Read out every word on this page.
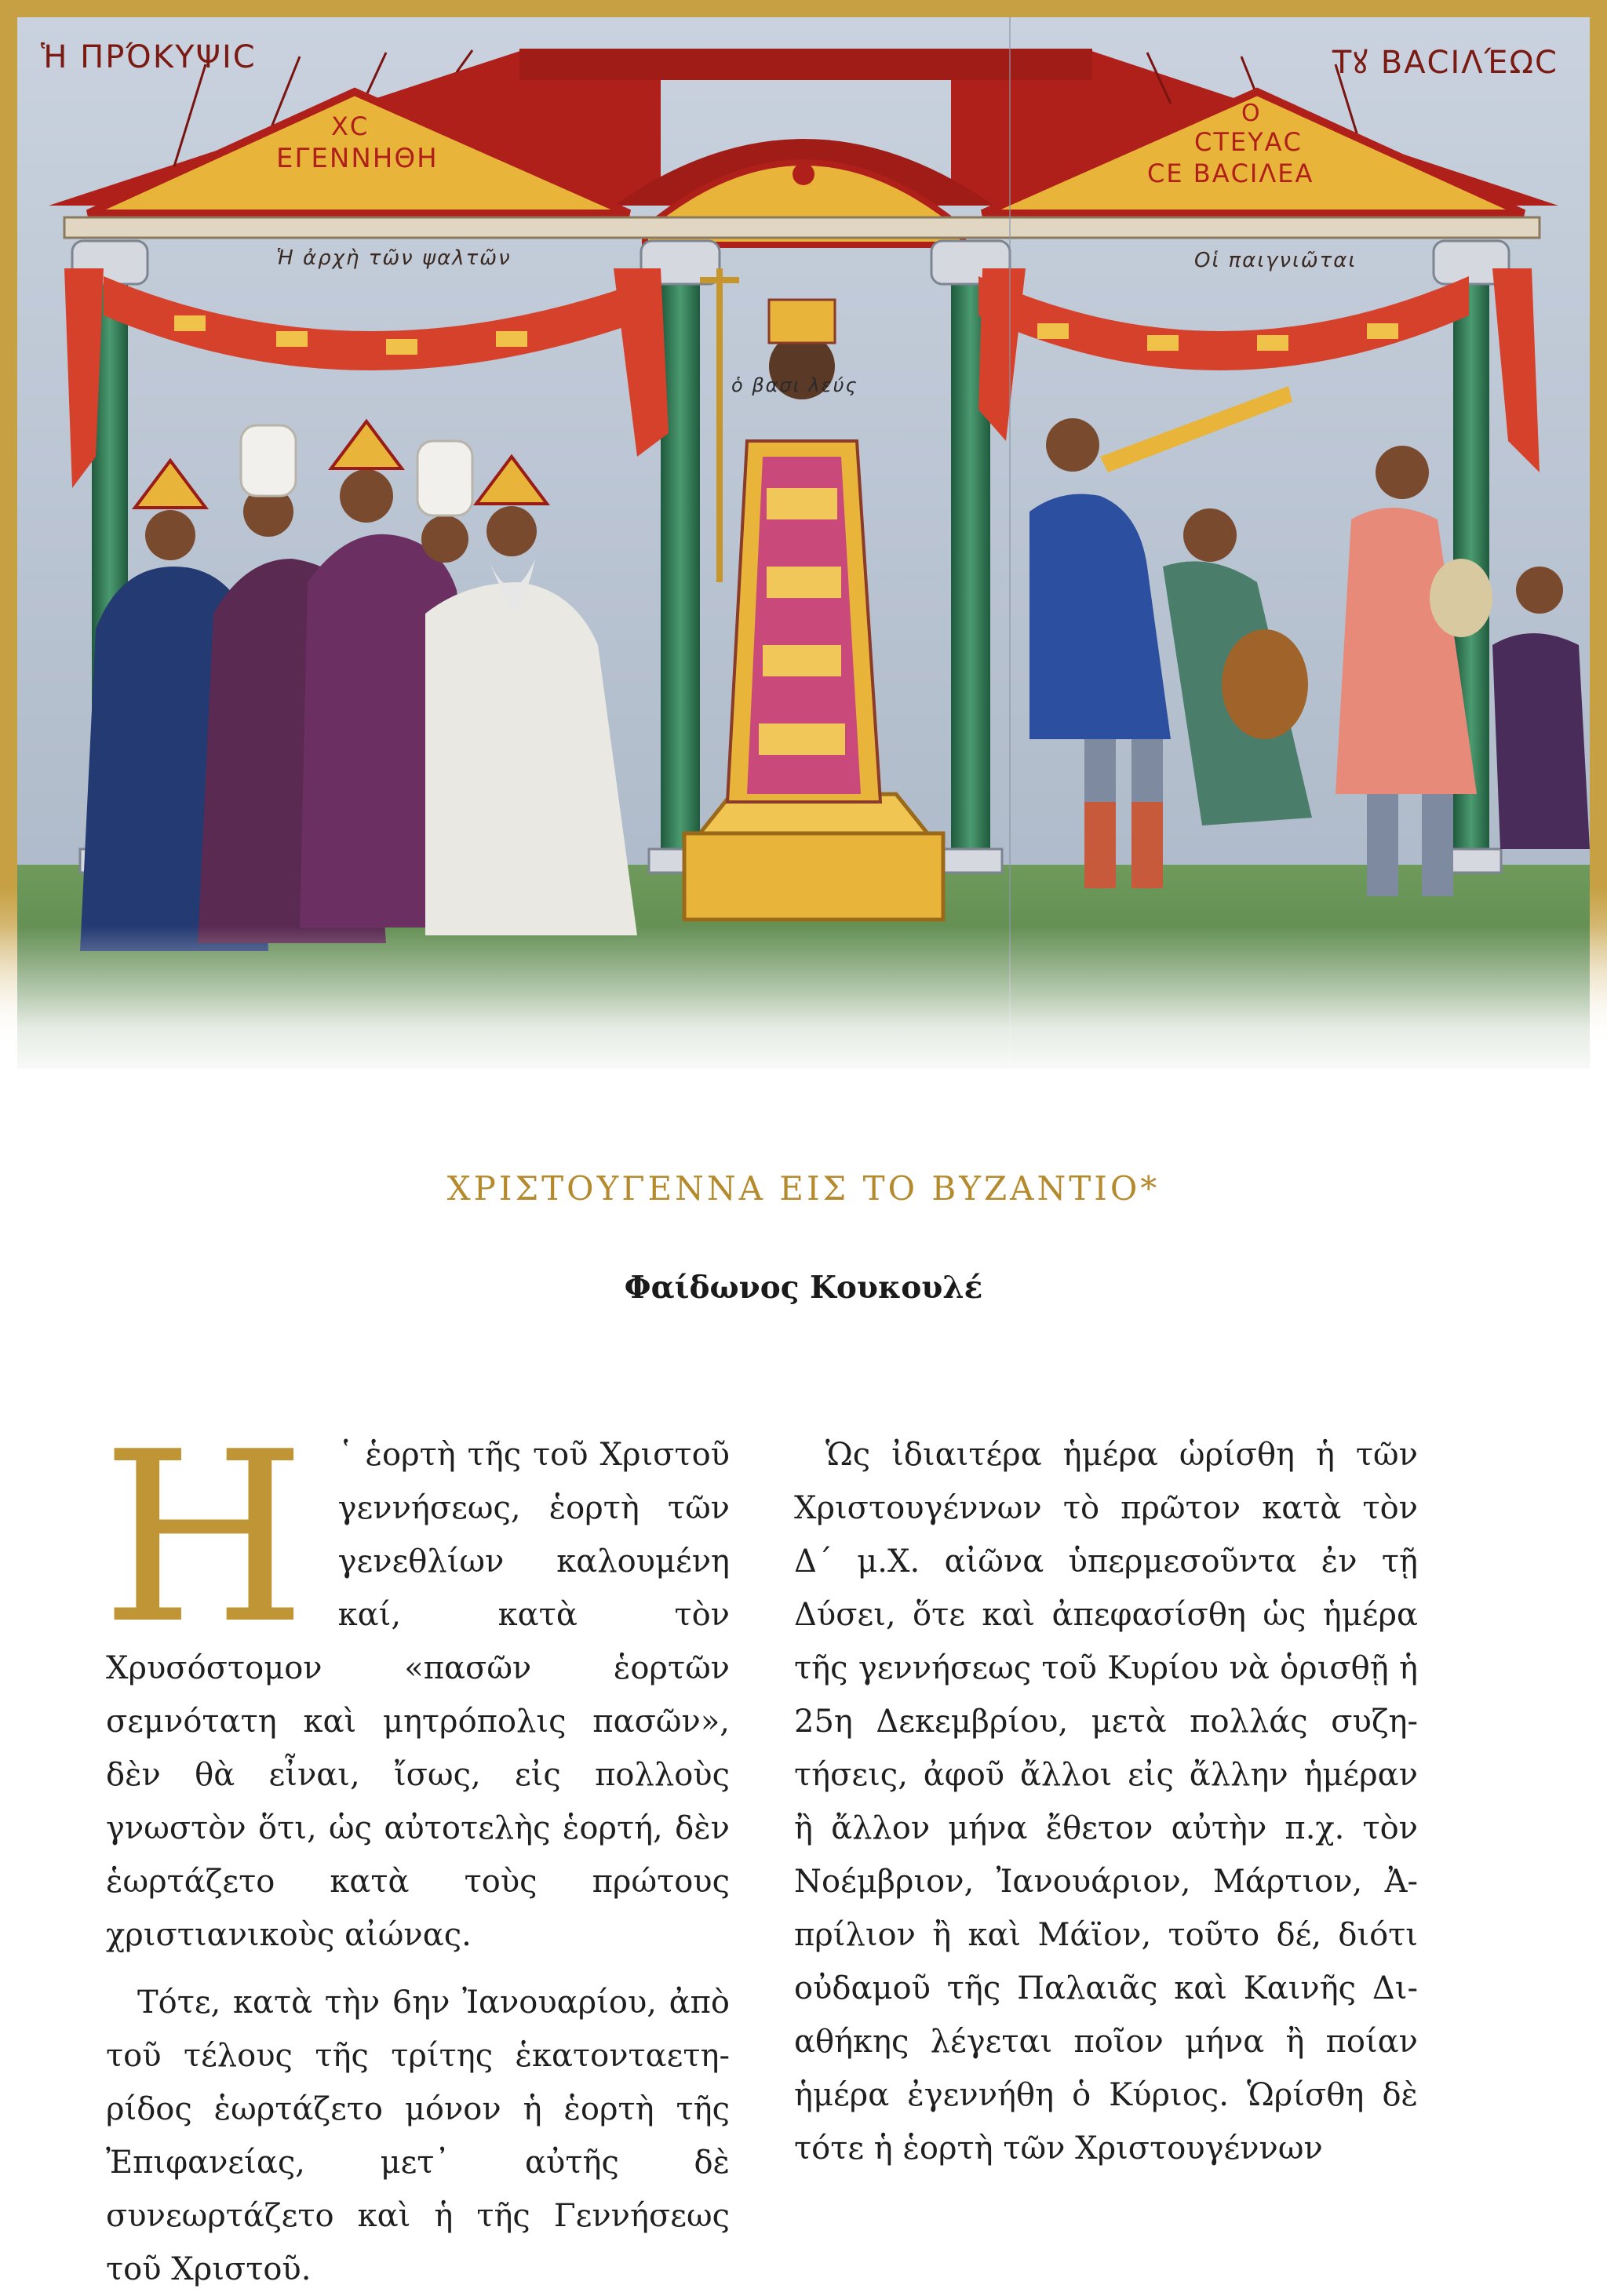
Ἡ ΠΡΌΚΥΨΙC	Τꙋ ΒΑCΙΛΈΩC
ΧC
ΕΓΕΝΝΗΘΗ
Ο
CΤΕΥΑC
CΕ ΒΑCΙΛΕΑ
Ἡ ἀρχὴ τῶν ψαλτῶν	Οἱ παιγνιῶται
ὁ βασι λεύς
ΧΡΙΣΤΟΥΓΕΝΝΑ ΕΙΣ ΤΟ ΒΥΖΑΝΤΙΟ*
Φαίδωνος Κουκουλέ
Η	῾ ἑορτὴ τῆς τοῦ Χριστοῦ γεννήσεως, ἑορτὴ τῶν γενεθλίων καλουμένη καί, κατὰ τὸν Χρυσόστομον «πασῶν ἑορτῶν σεμνότατη καὶ μητρόπολις πασῶν», δὲν θὰ εἶναι, ἴσως, εἰς πολλοὺς γνωστὸν ὅτι, ὡς αὐτοτελὴς ἑορτή, δὲν ἑωρτάζετο κατὰ τοὺς πρώτους χριστιανικοὺς αἰώνας.

Τότε, κατὰ τὴν 6ην Ἰανουαρίου, ἀπὸ τοῦ τέλους τῆς τρίτης ἑκατονταετηρίδος ἑωρτάζετο μόνον ἡ ἑορτὴ τῆς Ἐπιφανείας, μετ᾿ αὐτῆς δὲ συνεωρτάζετο καὶ ἡ τῆς Γεννήσεως τοῦ Χριστοῦ.

Ὡς ἰδιαιτέρα ἡμέρα ὡρίσθη ἡ τῶν Χριστουγέννων τὸ πρῶτον κατὰ τὸν Δ΄ μ.Χ. αἰῶνα ὑπερμεσοῦντα ἐν τῇ Δύσει, ὅτε καὶ ἀπεφασίσθη ὡς ἡμέρα τῆς γεννήσεως τοῦ Κυρίου νὰ ὁρισθῇ ἡ 25η Δεκεμβρίου, μετὰ πολλάς συζητήσεις, ἀφοῦ ἄλλοι εἰς ἄλλην ἡμέραν ἢ ἄλλον μήνα ἔθετον αὐτὴν π.χ. τὸν Νοέμβριον, Ἰανουάριον, Μάρτιον, Ἀπρίλιον ἢ καὶ Μάϊον, τοῦτο δέ, διότι οὐδαμοῦ τῆς Παλαιᾶς καὶ Καινῆς Διαθήκης λέγεται ποῖον μήνα ἢ ποίαν ἡμέρα ἐγεννήθη ὁ Κύριος. Ὡρίσθη δὲ τότε ἡ ἑορτὴ τῶν Χριστουγέννων
